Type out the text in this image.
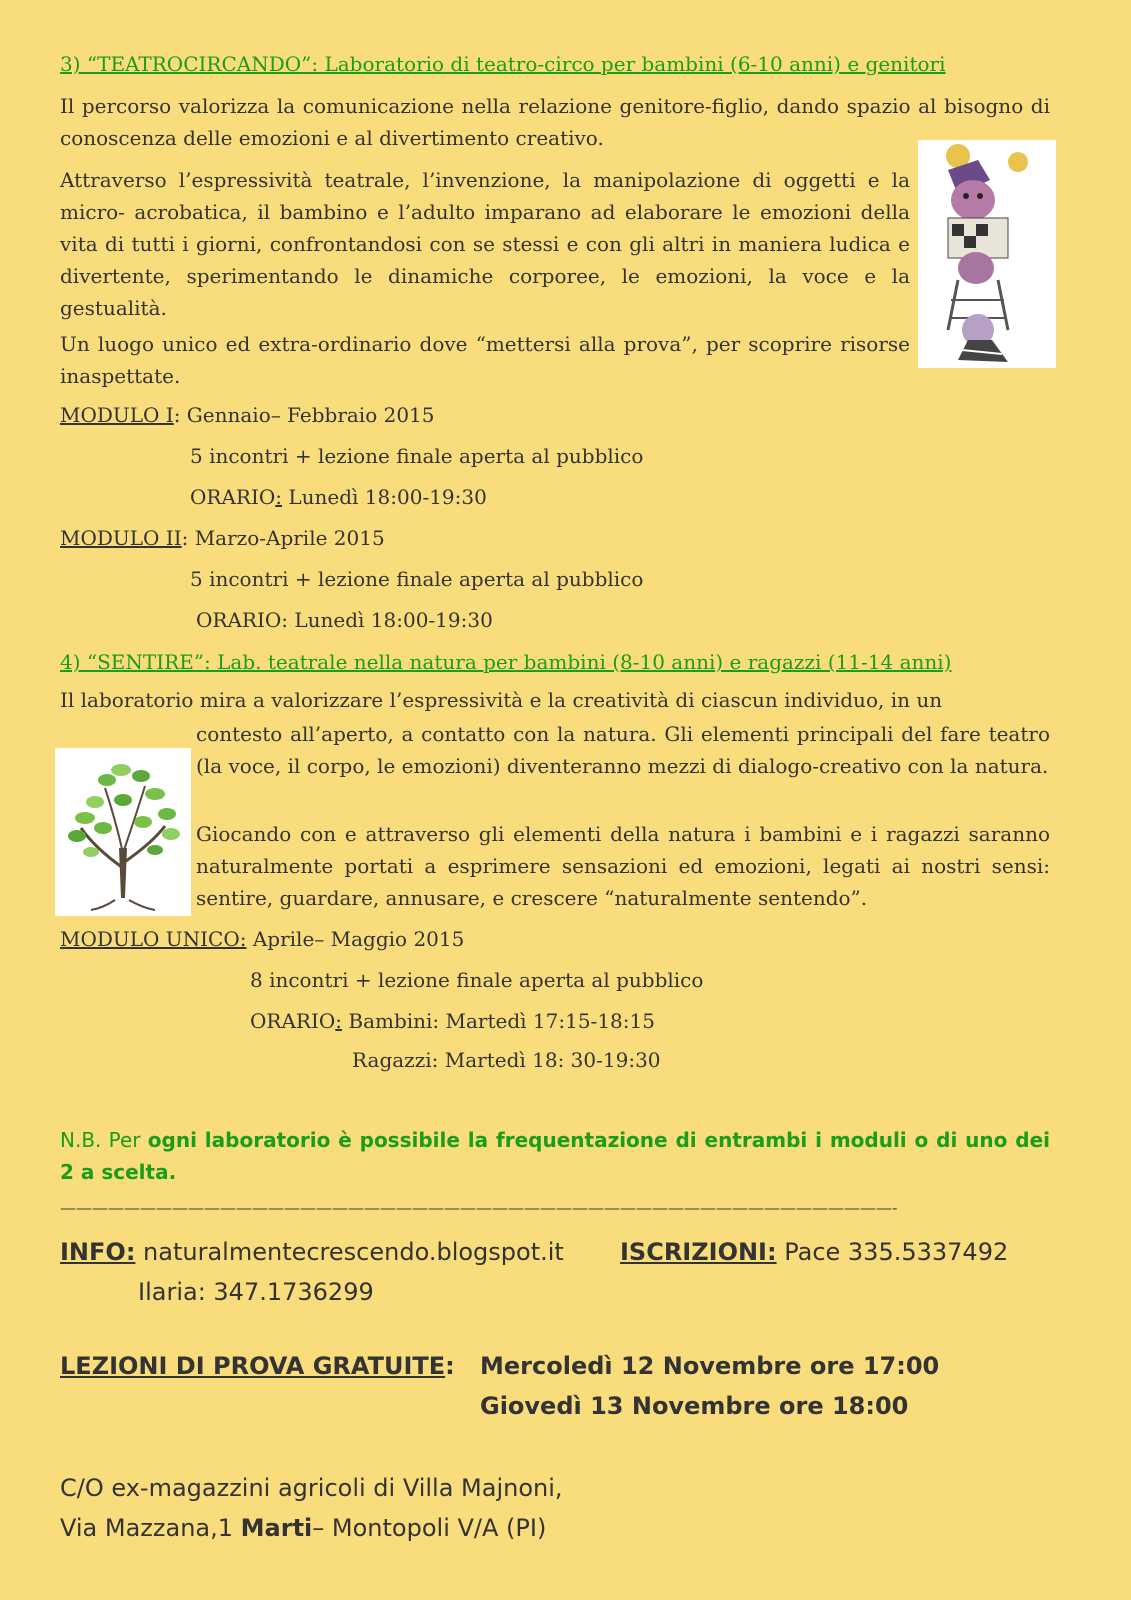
3) “TEATROCIRCANDO”: Laboratorio di teatro-circo per bambini (6-10 anni) e genitori

Il percorso valorizza la comunicazione nella relazione genitore-figlio, dando spazio al bisogno di conoscenza delle emozioni e al divertimento creativo.

Attraverso l’espressività teatrale, l’invenzione, la manipolazione di oggetti e la micro- acrobatica, il bambino e l’adulto imparano ad elaborare le emozioni della vita di tutti i giorni, confrontandosi con se stessi e con gli altri in maniera ludica e divertente, sperimentando le dinamiche corporee, le emozioni, la voce e la gestualità.

Un luogo unico ed extra-ordinario dove “mettersi alla prova”, per scoprire risorse inaspettate.

MODULO I: Gennaio– Febbraio 2015
5 incontri + lezione finale aperta al pubblico
ORARIO: Lunedì 18:00-19:30
MODULO II: Marzo-Aprile 2015
5 incontri + lezione finale aperta al pubblico
ORARIO: Lunedì 18:00-19:30
4) “SENTIRE”: Lab. teatrale nella natura per bambini (8-10 anni) e ragazzi (11-14 anni)
Il laboratorio mira a valorizzare l’espressività e la creatività di ciascun individuo, in un

contesto all’aperto, a contatto con la natura. Gli elementi principali del fare teatro (la voce, il corpo, le emozioni) diventeranno mezzi di dialogo-creativo con la natura.

Giocando con e attraverso gli elementi della natura i bambini e i ragazzi saranno naturalmente portati a esprimere sensazioni ed emozioni, legati ai nostri sensi: sentire, guardare, annusare, e crescere “naturalmente sentendo”.

MODULO UNICO: Aprile– Maggio 2015
8 incontri + lezione finale aperta al pubblico
ORARIO: Bambini: Martedì 17:15-18:15
Ragazzi: Martedì 18: 30-19:30

N.B. Per ogni laboratorio è possibile la frequentazione di entrambi i moduli o di uno dei 2 a scelta.

————————————————————————————————————————————————————-
INFO: naturalmentecrescendo.blogspot.it ISCRIZIONI: Pace 335.5337492
Ilaria: 347.1736299
LEZIONI DI PROVA GRATUITE: Mercoledì 12 Novembre ore 17:00
Giovedì 13 Novembre ore 18:00
C/O ex-magazzini agricoli di Villa Majnoni,
Via Mazzana,1 Marti– Montopoli V/A (PI)
